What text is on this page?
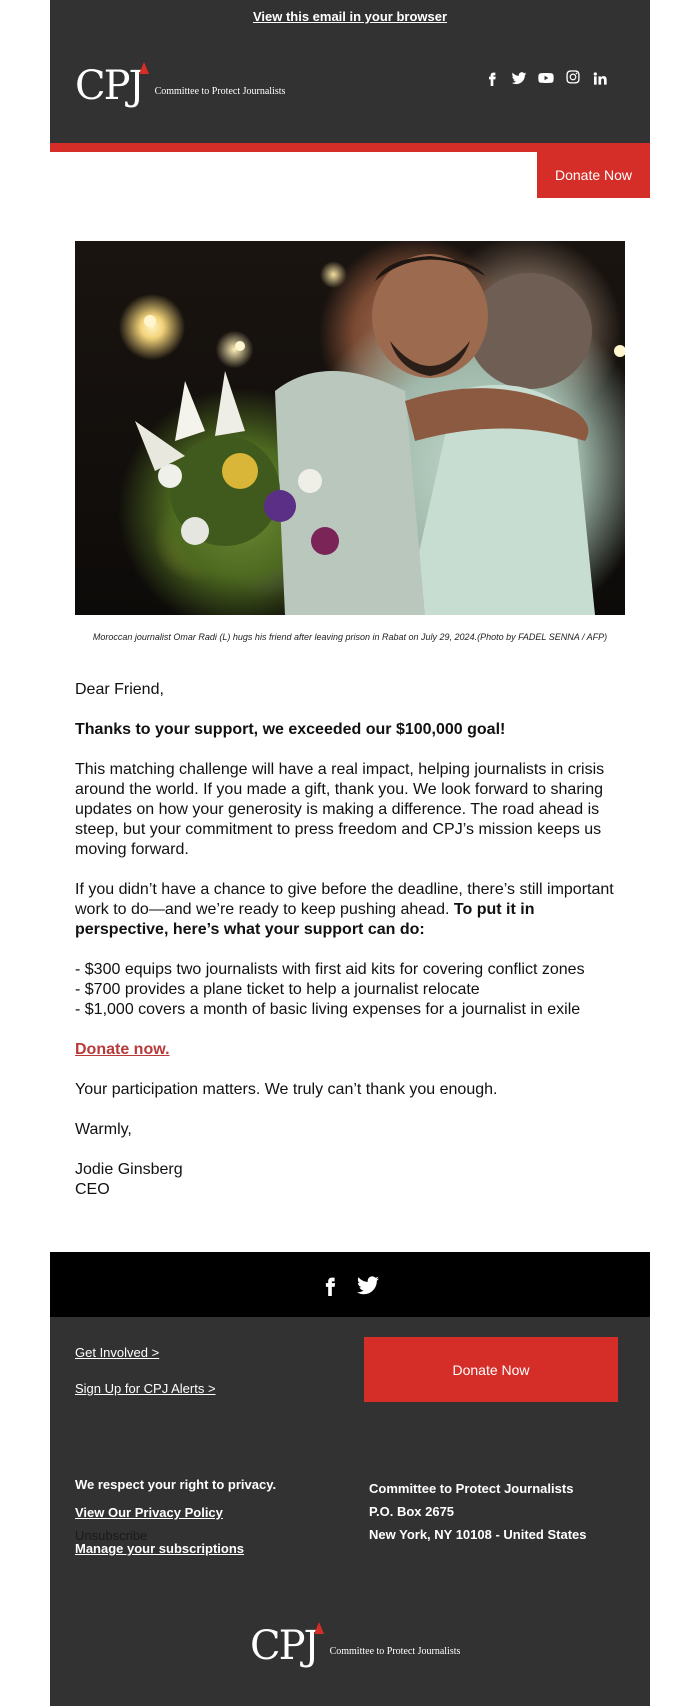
View this email in your browser
CPJ Committee to Protect Journalists
Donate Now
Moroccan journalist Omar Radi (L) hugs his friend after leaving prison in Rabat on July 29, 2024.(Photo by FADEL SENNA / AFP)

Dear Friend,

Thanks to your support, we exceeded our $100,000 goal!

This matching challenge will have a real impact, helping journalists in crisis around the world. If you made a gift, thank you. We look forward to sharing updates on how your generosity is making a difference. The road ahead is steep, but your commitment to press freedom and CPJ’s mission keeps us moving forward.

If you didn’t have a chance to give before the deadline, there’s still important work to do—and we’re ready to keep pushing ahead. To put it in perspective, here’s what your support can do:

- $300 equips two journalists with first aid kits for covering conflict zones
- $700 provides a plane ticket to help a journalist relocate
- $1,000 covers a month of basic living expenses for a journalist in exile

Donate now.

Your participation matters. We truly can’t thank you enough.

Warmly,

Jodie Ginsberg
CEO

Get Involved >
Sign Up for CPJ Alerts >
Donate Now
We respect your right to privacy.
View Our Privacy Policy
Unsubscribe
Manage your subscriptions
Committee to Protect Journalists
P.O. Box 2675
New York, NY 10108 - United States
CPJ Committee to Protect Journalists
